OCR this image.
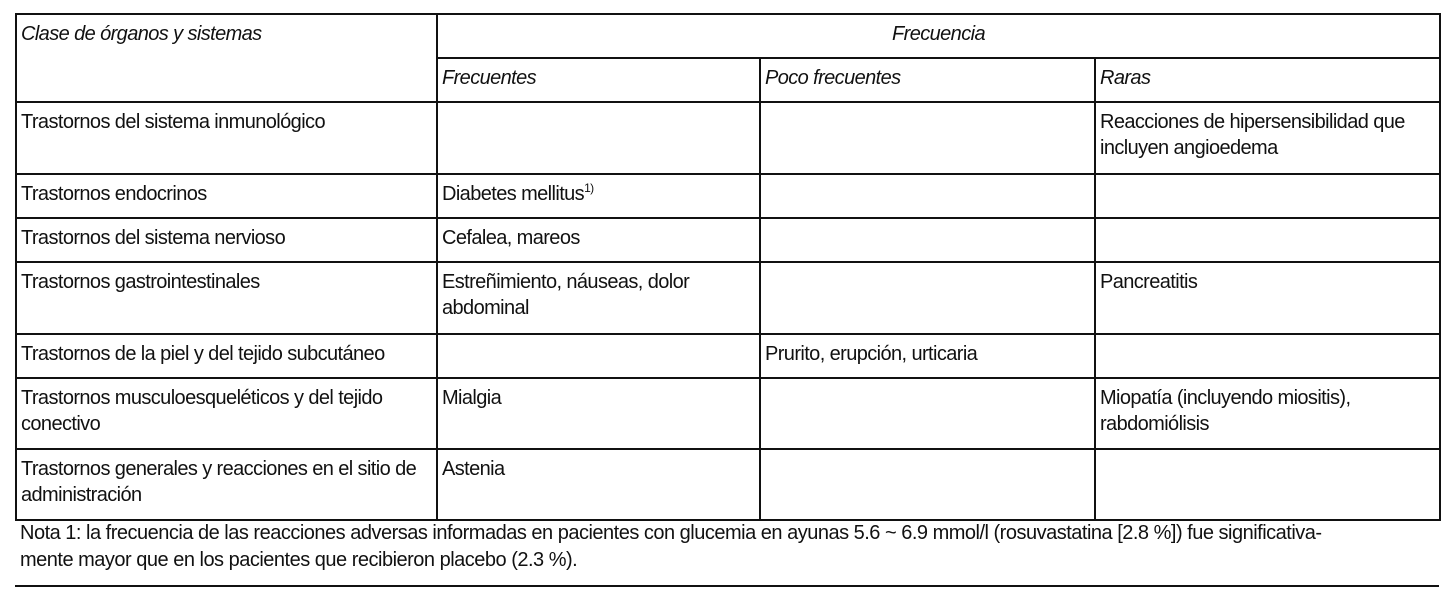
Clase de órganos y sistemas	Frecuencia		
	Frecuentes	Poco frecuentes	Raras
Trastornos del sistema inmunológico			Reacciones de hipersensibilidad que incluyen angioedema
Trastornos endocrinos	Diabetes mellitus$^{1)}$		
Trastornos del sistema nervioso	Cefalea, mareos		
Trastornos gastrointestinales	Estreñimiento, náuseas, dolor abdominal		Pancreatitis
Trastornos de la piel y del tejido subcutáneo		Prurito, erupción, urticaria	
Trastornos musculoesqueléticos y del tejido conectivo	Mialgia		Miopatía (incluyendo miositis), rabdomiólisis
Trastornos generales y reacciones en el sitio de administración	Astenia		
Nota 1: la frecuencia de las reacciones adversas informadas en pacientes con glucemia en ayunas 5.6 ~ 6.9 mmol/l (rosuvastatina [2.8 %]) fue significativa-
mente mayor que en los pacientes que recibieron placebo (2.3 %).
